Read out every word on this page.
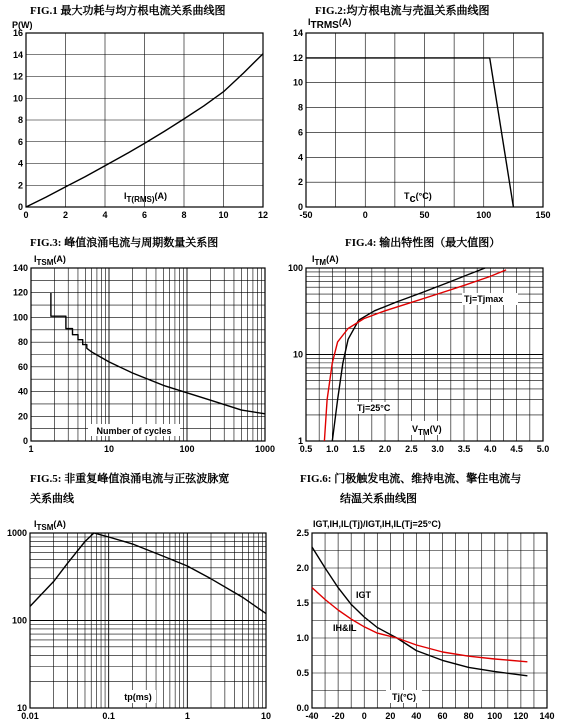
FIG.1 最大功耗与均方根电流关系曲线图	FIG.2:均方根电流与壳温关系曲线图
FIG.3: 峰值浪涌电流与周期数量关系图	FIG.4: 输出特性图（最大值图）
FIG.5: 非重复峰值浪涌电流与正弦波脉宽
关系曲线
FIG.6: 门极触发电流、维持电流、擎住电流与
结温关系曲线图
0	2	4	6	8	10	12
0
2
4
6
8
10
12
14
16
P(W)
IT(RMS)(A)
-50	0	50	100	150
0
2
4
6
8
10
12
14
ITRMS(A)
Tc(°C)
1	10	100	1000
0
20
40
60
80
100
120
140
ITSM(A)
Number of cycles
0.5 1.0 1.5 2.0 2.5 3.0 3.5 4.0 4.5 5.0
1
10
100
ITM(A)
VTM(V)
Tj=Tjmax
Tj=25°C
0.01	0.1	1	10
10
100
1000
ITSM(A)
tp(ms)
-40 -20 0 20 40 60 80 100 120 140
0.0
0.5
1.0
1.5
2.0
2.5
IGT,IH,IL(Tj)/IGT,IH,IL(Tj=25°C)
IGT
IH&IL
Tj(°C)
